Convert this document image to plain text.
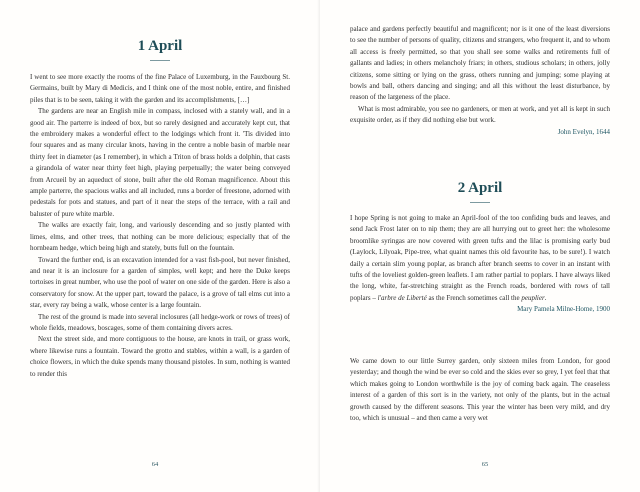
1 April

I went to see more exactly the rooms of the fine Palace of Luxemburg, in the Fauxbourg St. Germains, built by Mary di Medicis, and I think one of the most noble, entire, and finished piles that is to be seen, taking it with the garden and its accomplishments, […]

The gardens are near an English mile in compass, inclosed with a stately wall, and in a good air. The parterre is indeed of box, but so rarely designed and accurately kept cut, that the embroidery makes a wonderful effect to the lodgings which front it. 'Tis divided into four squares and as many circular knots, having in the centre a noble basin of marble near thirty feet in diameter (as I remember), in which a Triton of brass holds a dolphin, that casts a girandola of water near thirty feet high, playing perpetually; the water being conveyed from Arcueil by an aqueduct of stone, built after the old Roman magnificence. About this ample parterre, the spacious walks and all included, runs a border of freestone, adorned with pedestals for pots and statues, and part of it near the steps of the terrace, with a rail and baluster of pure white marble.

The walks are exactly fair, long, and variously descending and so justly planted with limes, elms, and other trees, that nothing can be more delicious; especially that of the hornbeam hedge, which being high and stately, butts full on the fountain.

Toward the further end, is an excavation intended for a vast fish-pool, but never finished, and near it is an inclosure for a garden of simples, well kept; and here the Duke keeps tortoises in great number, who use the pool of water on one side of the garden. Here is also a conservatory for snow. At the upper part, toward the palace, is a grove of tall elms cut into a star, every ray being a walk, whose center is a large fountain.

The rest of the ground is made into several inclosures (all hedge-work or rows of trees) of whole fields, meadows, boscages, some of them containing divers acres.

Next the street side, and more contiguous to the house, are knots in trail, or grass work, where likewise runs a fountain. Toward the grotto and stables, within a wall, is a garden of choice flowers, in which the duke spends many thousand pistoles. In sum, nothing is wanted to render this

64

palace and gardens perfectly beautiful and magnificent; nor is it one of the least diversions to see the number of persons of quality, citizens and strangers, who frequent it, and to whom all access is freely permitted, so that you shall see some walks and retirements full of gallants and ladies; in others melancholy friars; in others, studious scholars; in others, jolly citizens, some sitting or lying on the grass, others running and jumping; some playing at bowls and ball, others dancing and singing; and all this without the least disturbance, by reason of the largeness of the place.

What is most admirable, you see no gardeners, or men at work, and yet all is kept in such exquisite order, as if they did nothing else but work.

John Evelyn, 1644

2 April

I hope Spring is not going to make an April-fool of the too confiding buds and leaves, and send Jack Frost later on to nip them; they are all hurrying out to greet her: the wholesome broomlike syringas are now covered with green tufts and the lilac is promising early bud (Laylock, Lilyoak, Pipe-tree, what quaint names this old favourite has, to be sure!). I watch daily a certain slim young poplar, as branch after branch seems to cover in an instant with tufts of the loveliest golden-green leaflets. I am rather partial to poplars. I have always liked the long, white, far-stretching straight as the French roads, bordered with rows of tall poplars – l'arbre de Liberté as the French sometimes call the peuplier.

Mary Pamela Milne-Home, 1900

We came down to our little Surrey garden, only sixteen miles from London, for good yesterday; and though the wind be ever so cold and the skies ever so grey, I yet feel that that which makes going to London worthwhile is the joy of coming back again. The ceaseless interest of a garden of this sort is in the variety, not only of the plants, but in the actual growth caused by the different seasons. This year the winter has been very mild, and dry too, which is unusual – and then came a very wet

65
